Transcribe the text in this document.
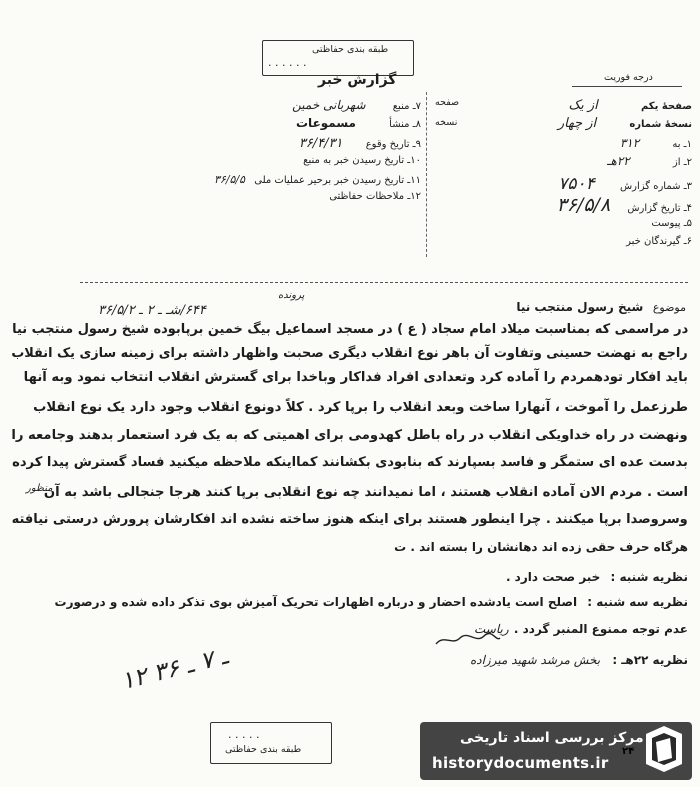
طبقه بندی حفاظتی
. . . . . .
گزارش خبر	درجه فوریت
صفحهٔ یکم از یک
نسخهٔ شماره از چهار
۱ـ به ۳۱۲
۲ـ از ۲۲هـ
۳ـ شماره گزارش ۷۵۰۴
۴ـ تاریخ گزارش ۳۶/۵/۸
۵ـ پیوست
۶ـ گیرندگان خبر
صفحه
نسخه
۷ـ منبع شهربانی خمین
۸ـ منشأ مسموعات
۹ـ تاریخ وقوع ۳۶/۴/۳۱
۱۰ـ تاریخ رسیدن خبر به منبع
۱۱ـ تاریخ رسیدن خبر برحیر عملیات ملی ۳۶/۵/۵
۱۲ـ ملاحظات حفاظتی
موضوع شیخ رسول منتجب نیا
۶۴۴/شـ ـ ۲ ـ ۳۶/۵/۲
پرونده
در مراسمی که بمناسبت میلاد امام سجاد ( ع ) در مسجد اسماعیل بیگ خمین برپابوده شیخ رسول منتجب نیا
راجع به نهضت حسینی وتفاوت آن باهر نوع انقلاب دیگری صحبت واظهار داشته برای زمینه سازی یک انقلاب
باید افکار تودهمردم را آماده کرد وتعدادی افراد فداکار وباخدا برای گسترش انقلاب انتخاب نمود وبه آنها
طرزعمل را آموخت ، آنهارا ساخت وبعد انقلاب را برپا کرد . کلاً دونوع انقلاب وجود دارد یک نوع انقلاب
ونهضت در راه خداویکی انقلاب در راه باطل کهدومی برای اهمیتی که به یک فرد استعمار بدهند وجامعه را
بدست عده ای ستمگر و فاسد بسپارند که بنابودی بکشانند کمااینکه ملاحظه میکنید فساد گسترش پیدا کرده
است . مردم الان آماده انقلاب هستند ، اما نمیدانند چه نوع انقلابی برپا کنند هرجا جنجالی باشد به آن
وسروصدا برپا میکنند . چرا اینطور هستند برای اینکه هنوز ساخته نشده اند افکارشان پرورش درستی نیافته
هرگاه حرف حقی زده اند دهانشان را بسته اند . ت
منظور
نظریه شنبه : خبر صحت دارد .
نظریه سه شنبه : اصلح است یادشده احضار و درباره اظهارات تحریک آمیزش بوی تذکر داده شده و درصورت
عدم توجه ممنوع المنبر گردد .
ریاست
نظریه ۲۲هـ : بخش مرشد شهید میرزاده
۱۲ ـ ۷ ـ ۳۶
. . . . .
طبقه بندی حفاظتی
مرکز بررسی اسناد تاریخی
historydocuments.ir
۲۴
